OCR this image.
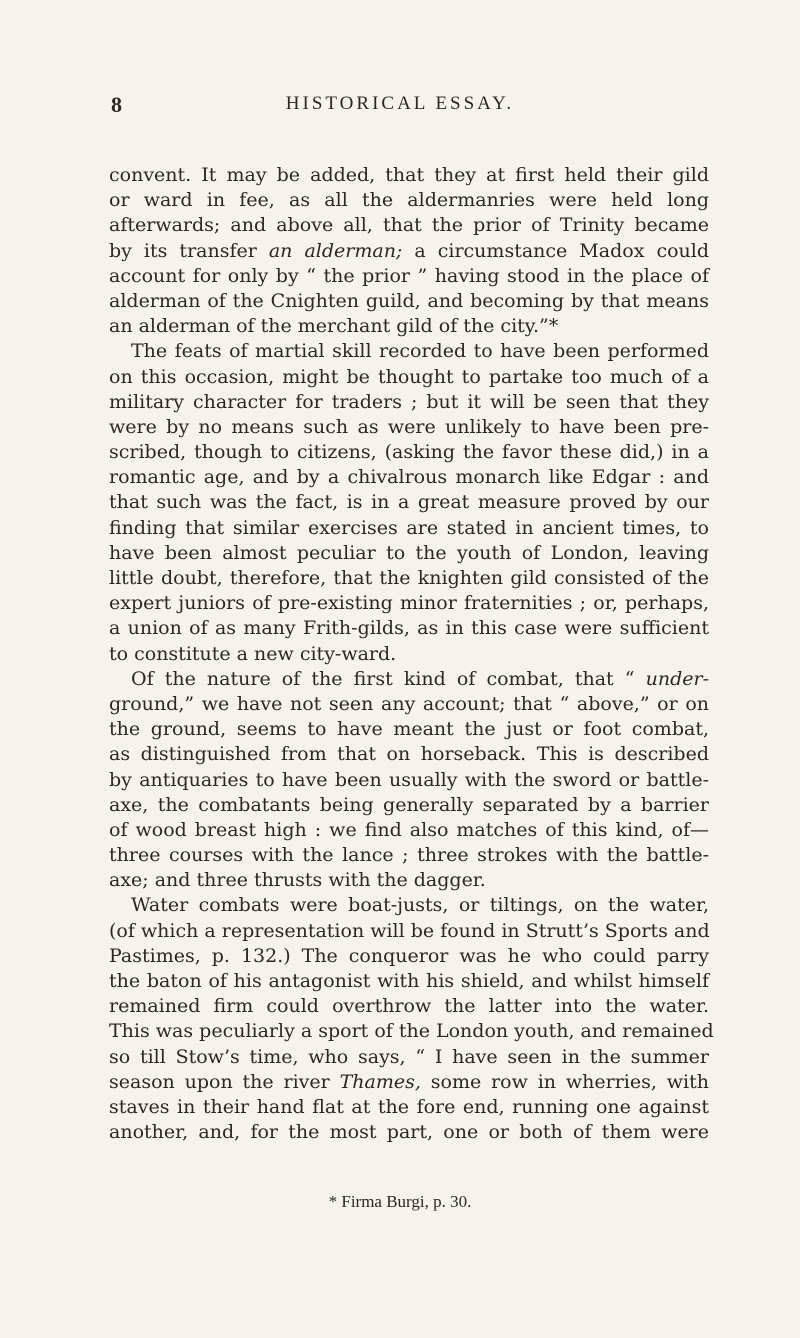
8	HISTORICAL ESSAY.
convent. It may be added, that they at first held their gild
or ward in fee, as all the aldermanries were held long
afterwards; and above all, that the prior of Trinity became
by its transfer an alderman; a circumstance Madox could
account for only by “ the prior ” having stood in the place of
alderman of the Cnighten guild, and becoming by that means
an alderman of the merchant gild of the city.”*
The feats of martial skill recorded to have been performed
on this occasion, might be thought to partake too much of a
military character for traders ; but it will be seen that they
were by no means such as were unlikely to have been pre-
scribed, though to citizens, (asking the favor these did,) in a
romantic age, and by a chivalrous monarch like Edgar : and
that such was the fact, is in a great measure proved by our
finding that similar exercises are stated in ancient times, to
have been almost peculiar to the youth of London, leaving
little doubt, therefore, that the knighten gild consisted of the
expert juniors of pre-existing minor fraternities ; or, perhaps,
a union of as many Frith-gilds, as in this case were sufficient
to constitute a new city-ward.
Of the nature of the first kind of combat, that “ under-
ground,” we have not seen any account; that “ above,” or on
the ground, seems to have meant the just or foot combat,
as distinguished from that on horseback. This is described
by antiquaries to have been usually with the sword or battle-
axe, the combatants being generally separated by a barrier
of wood breast high : we find also matches of this kind, of—
three courses with the lance ; three strokes with the battle-
axe; and three thrusts with the dagger.
Water combats were boat-justs, or tiltings, on the water,
(of which a representation will be found in Strutt’s Sports and
Pastimes, p. 132.) The conqueror was he who could parry
the baton of his antagonist with his shield, and whilst himself
remained firm could overthrow the latter into the water.
This was peculiarly a sport of the London youth, and remained
so till Stow’s time, who says, “ I have seen in the summer
season upon the river Thames, some row in wherries, with
staves in their hand flat at the fore end, running one against
another, and, for the most part, one or both of them were
* Firma Burgi, p. 30.
